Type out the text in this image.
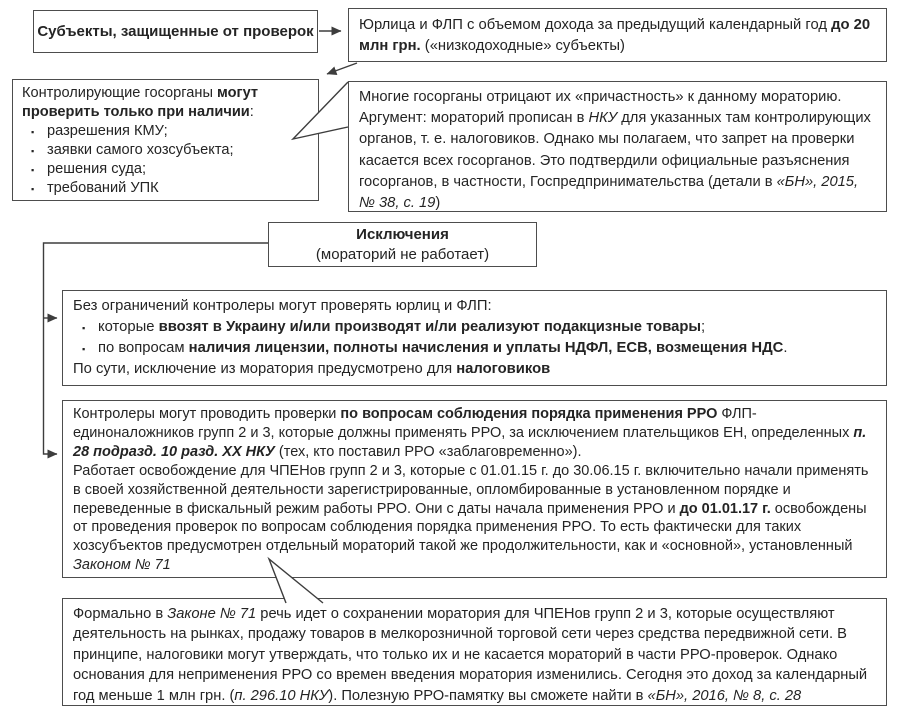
Субъекты, защищенные от проверок	Юрлица и ФЛП с объемом дохода за предыдущий календарный год до 20 млн грн. («низкодоходные» субъекты)
Контролирующие госорганы могут проверить только при наличии:
▪ разрешения КМУ;
▪ заявки самого хозсубъекта;
▪ решения суда;
▪ требований УПК
Многие госорганы отрицают их «причастность» к данному мораторию. Аргумент: мораторий прописан в НКУ для указанных там контролирующих органов, т. е. налоговиков. Однако мы полагаем, что запрет на проверки касается всех госорганов. Это подтвердили официальные разъяснения госорганов, в частности, Госпредпринимательства (детали в «БН», 2015, № 38, с. 19)
Исключения
(мораторий не работает)
Без ограничений контролеры могут проверять юрлиц и ФЛП:
▪ которые ввозят в Украину и/или производят и/ли реализуют подакцизные товары;
▪ по вопросам наличия лицензии, полноты начисления и уплаты НДФЛ, ЕСВ, возмещения НДС.
По сути, исключение из моратория предусмотрено для налоговиков
Контролеры могут проводить проверки по вопросам соблюдения порядка применения РРО ФЛП-единоналожников групп 2 и 3, которые должны применять РРО, за исключением плательщиков ЕН, определенных п. 28 подразд. 10 разд. ХХ НКУ (тех, кто поставил РРО «заблаговременно»).
Работает освобождение для ЧПЕНов групп 2 и 3, которые с 01.01.15 г. до 30.06.15 г. включительно начали применять в своей хозяйственной деятельности зарегистрированные, опломбированные в установленном порядке и переведенные в фискальный режим работы РРО. Они с даты начала применения РРО и до 01.01.17 г. освобождены от проведения проверок по вопросам соблюдения порядка применения РРО. То есть фактически для таких хозсубъектов предусмотрен отдельный мораторий такой же продолжительности, как и «основной», установленный Законом № 71
Формально в Законе № 71 речь идет о сохранении моратория для ЧПЕНов групп 2 и 3, которые осуществляют деятельность на рынках, продажу товаров в мелкорозничной торговой сети через средства передвижной сети. В принципе, налоговики могут утверждать, что только их и не касается мораторий в части РРО-проверок. Однако основания для неприменения РРО со времен введения моратория изменились. Сегодня это доход за календарный год меньше 1 млн грн. (п. 296.10 НКУ). Полезную РРО-памятку вы сможете найти в «БН», 2016, № 8, с. 28
